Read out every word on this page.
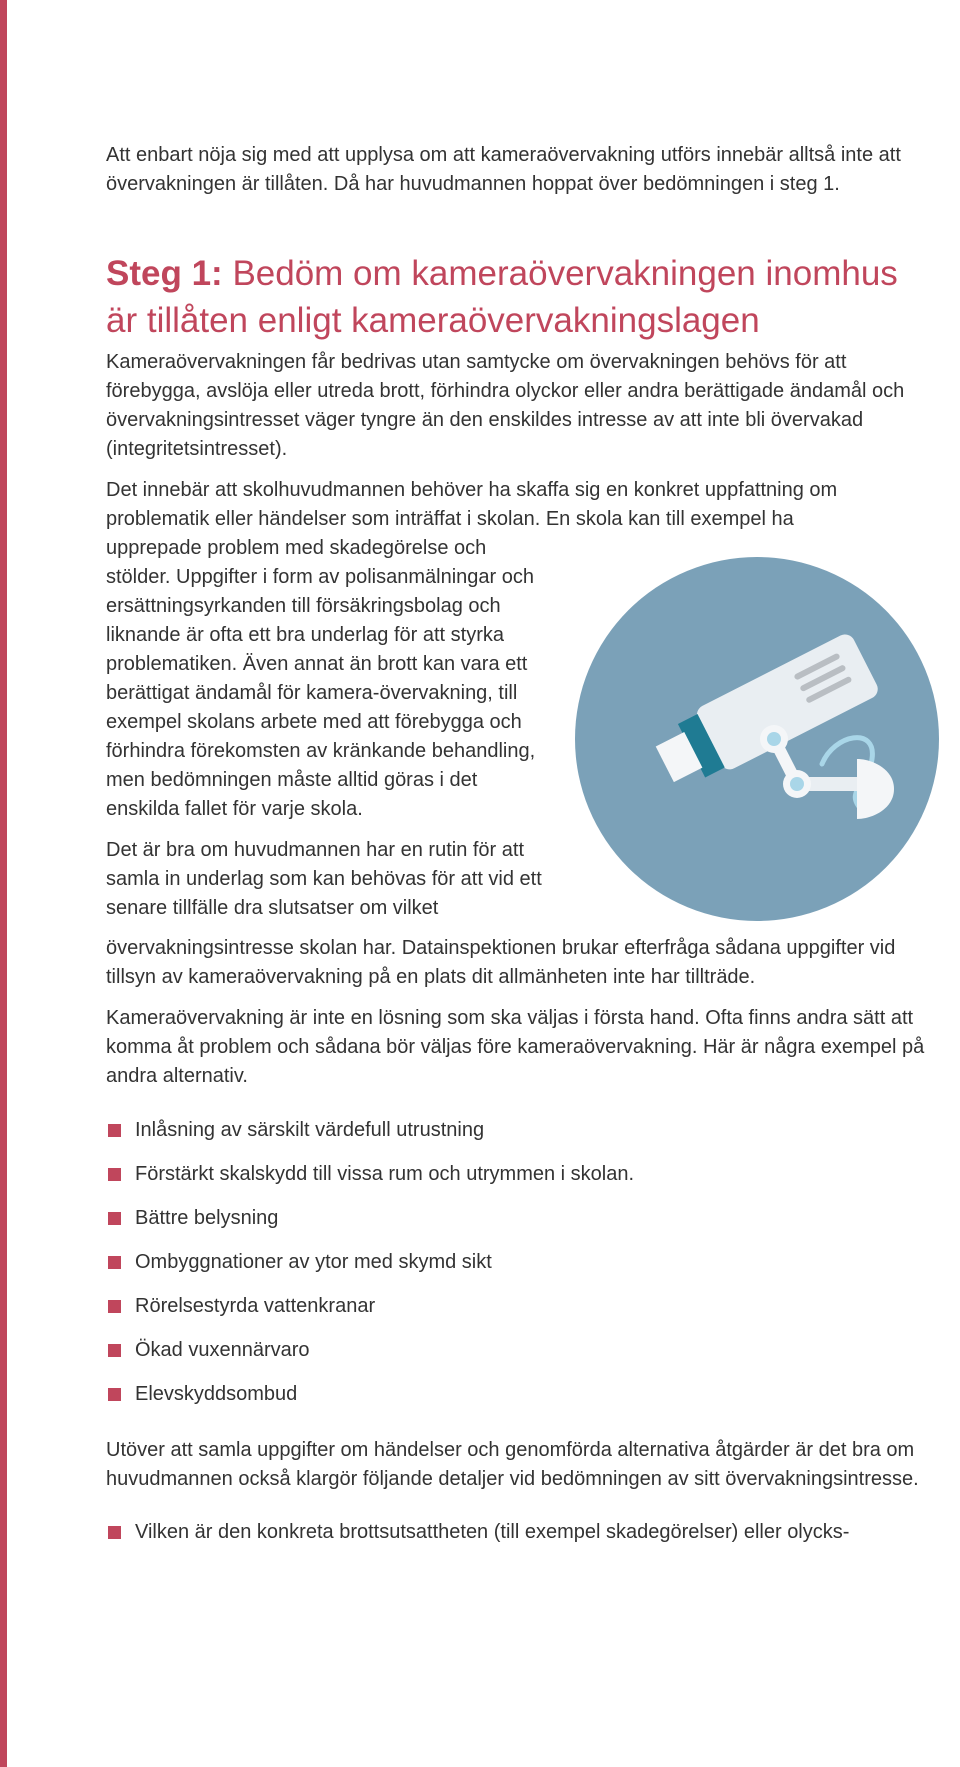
Att enbart nöja sig med att upplysa om att kameraövervakning utförs innebär alltså inte att övervakningen är tillåten. Då har huvudmannen hoppat över bedömningen i steg 1.

Steg 1: Bedöm om kameraövervakningen inomhus är tillåten enligt kameraövervakningslagen

Kameraövervakningen får bedrivas utan samtycke om övervakningen behövs för att förebygga, avslöja eller utreda brott, förhindra olyckor eller andra berättigade ändamål och övervakningsintresset väger tyngre än den enskildes intresse av att inte bli övervakad (integritetsintresset).

Det innebär att skolhuvudmannen behöver ha skaffa sig en konkret uppfattning om problematik eller händelser som inträffat i skolan. En skola kan till exempel ha

upprepade problem med skadegörelse och stölder. Uppgifter i form av polisanmälningar och ersättningsyrkanden till försäkringsbolag och liknande är ofta ett bra underlag för att styrka problematiken. Även annat än brott kan vara ett berättigat ändamål för kamera-övervakning, till exempel skolans arbete med att förebygga och förhindra förekomsten av kränkande behandling, men bedömningen måste alltid göras i det enskilda fallet för varje skola.

Det är bra om huvudmannen har en rutin för att samla in underlag som kan behövas för att vid ett senare tillfälle dra slutsatser om vilket

övervakningsintresse skolan har. Datainspektionen brukar efterfråga sådana uppgifter vid tillsyn av kameraövervakning på en plats dit allmänheten inte har tillträde.

Kameraövervakning är inte en lösning som ska väljas i första hand. Ofta finns andra sätt att komma åt problem och sådana bör väljas före kameraövervakning. Här är några exempel på andra alternativ.

Inlåsning av särskilt värdefull utrustning
Förstärkt skalskydd till vissa rum och utrymmen i skolan.
Bättre belysning
Ombyggnationer av ytor med skymd sikt
Rörelsestyrda vattenkranar
Ökad vuxennärvaro
Elevskyddsombud

Utöver att samla uppgifter om händelser och genomförda alternativa åtgärder är det bra om huvudmannen också klargör följande detaljer vid bedömningen av sitt övervakningsintresse.

Vilken är den konkreta brottsutsattheten (till exempel skadegörelser) eller olycks-
